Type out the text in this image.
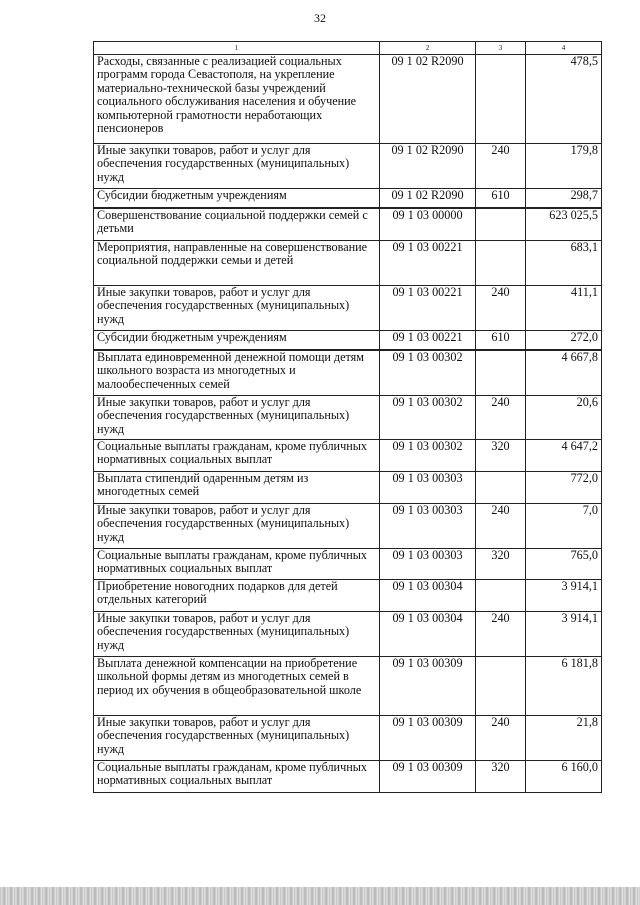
32
1	2	3	4
Расходы, связанные с реализацией социальных программ города Севастополя, на укрепление материально-технической базы учреждений социального обслуживания населения и обучение компьютерной грамотности неработающих пенсионеров	09 1 02 R2090		478,5
Иные закупки товаров, работ и услуг для обеспечения государственных (муниципальных) нужд	09 1 02 R2090	240	179,8
Субсидии бюджетным учреждениям	09 1 02 R2090	610	298,7
Совершенствование социальной поддержки семей с детьми	09 1 03 00000		623 025,5
Мероприятия, направленные на совершенствование социальной поддержки семьи и детей	09 1 03 00221		683,1
Иные закупки товаров, работ и услуг для обеспечения государственных (муниципальных) нужд	09 1 03 00221	240	411,1
Субсидии бюджетным учреждениям	09 1 03 00221	610	272,0
Выплата единовременной денежной помощи детям школьного возраста из многодетных и малообеспеченных семей	09 1 03 00302		4 667,8
Иные закупки товаров, работ и услуг для обеспечения государственных (муниципальных) нужд	09 1 03 00302	240	20,6
Социальные выплаты гражданам, кроме публичных нормативных социальных выплат	09 1 03 00302	320	4 647,2
Выплата стипендий одаренным детям из многодетных семей	09 1 03 00303		772,0
Иные закупки товаров, работ и услуг для обеспечения государственных (муниципальных) нужд	09 1 03 00303	240	7,0
Социальные выплаты гражданам, кроме публичных нормативных социальных выплат	09 1 03 00303	320	765,0
Приобретение новогодних подарков для детей отдельных категорий	09 1 03 00304		3 914,1
Иные закупки товаров, работ и услуг для обеспечения государственных (муниципальных) нужд	09 1 03 00304	240	3 914,1
Выплата денежной компенсации на приобретение школьной формы детям из многодетных семей в период их обучения в общеобразовательной школе	09 1 03 00309		6 181,8
Иные закупки товаров, работ и услуг для обеспечения государственных (муниципальных) нужд	09 1 03 00309	240	21,8
Социальные выплаты гражданам, кроме публичных нормативных социальных выплат	09 1 03 00309	320	6 160,0
